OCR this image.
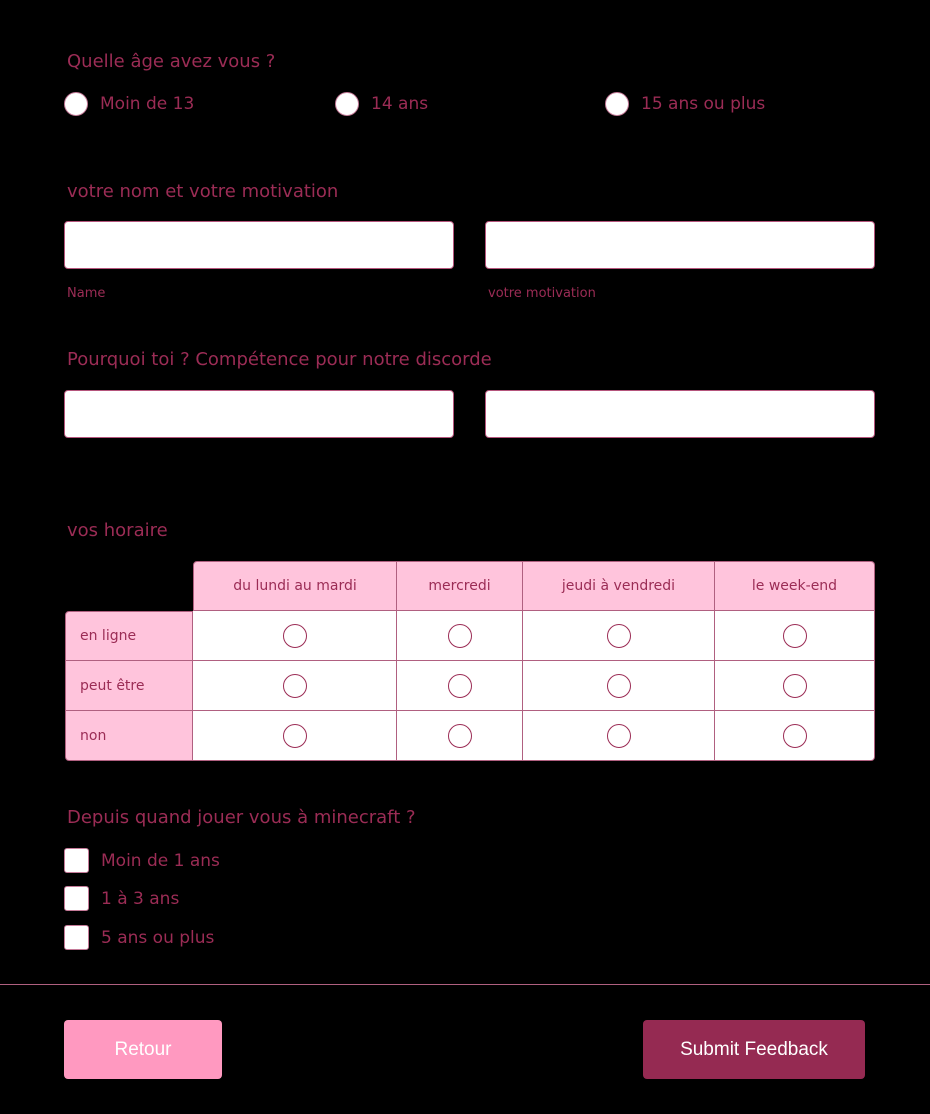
Quelle âge avez vous ?
Moin de 13	14 ans	15 ans ou plus
votre nom et votre motivation
Name	votre motivation
Pourquoi toi ? Compétence pour notre discorde
vos horaire
	du lundi au mardi	mercredi	jeudi à vendredi	le week-end
en ligne				
peut être				
non				
Depuis quand jouer vous à minecraft ?
Moin de 1 ans
1 à 3 ans
5 ans ou plus
Retour	Submit Feedback
